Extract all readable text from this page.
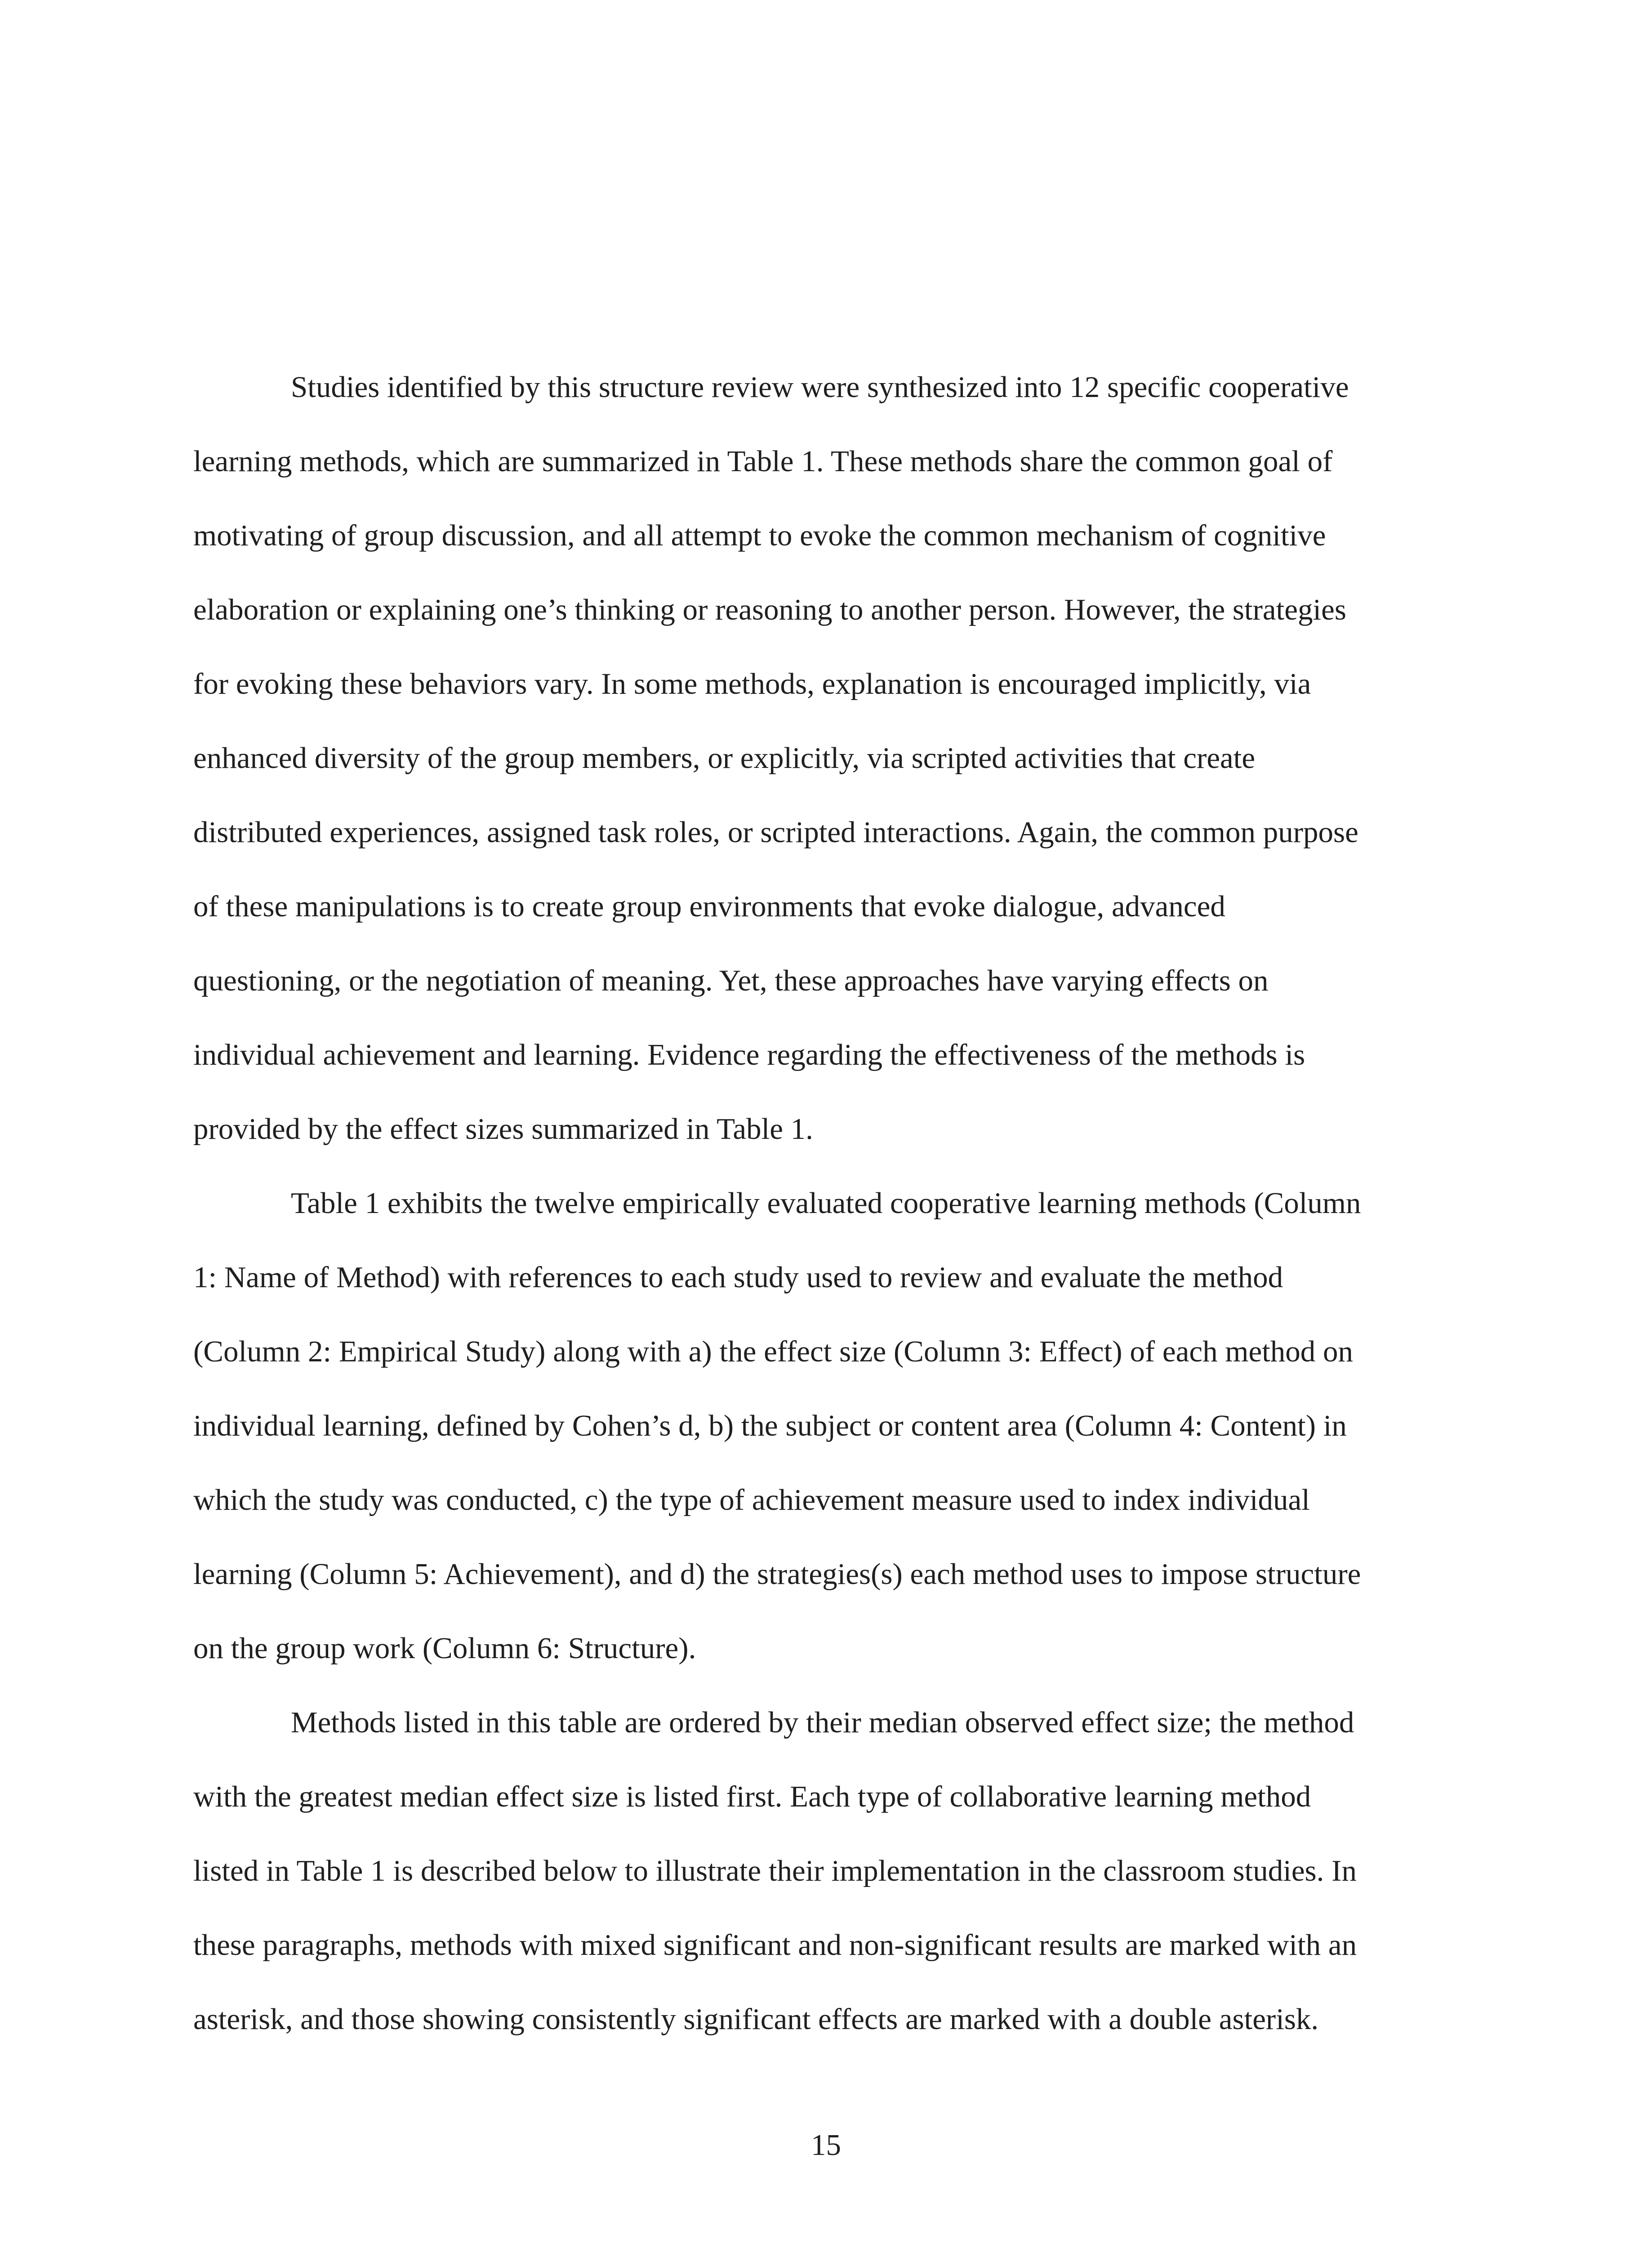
Studies identified by this structure review were synthesized into 12 specific cooperative
learning methods, which are summarized in Table 1. These methods share the common goal of
motivating of group discussion, and all attempt to evoke the common mechanism of cognitive
elaboration or explaining one’s thinking or reasoning to another person. However, the strategies
for evoking these behaviors vary. In some methods, explanation is encouraged implicitly, via
enhanced diversity of the group members, or explicitly, via scripted activities that create
distributed experiences, assigned task roles, or scripted interactions. Again, the common purpose
of these manipulations is to create group environments that evoke dialogue, advanced
questioning, or the negotiation of meaning. Yet, these approaches have varying effects on
individual achievement and learning. Evidence regarding the effectiveness of the methods is
provided by the effect sizes summarized in Table 1.
Table 1 exhibits the twelve empirically evaluated cooperative learning methods (Column
1: Name of Method) with references to each study used to review and evaluate the method
(Column 2: Empirical Study) along with a) the effect size (Column 3: Effect) of each method on
individual learning, defined by Cohen’s d, b) the subject or content area (Column 4: Content) in
which the study was conducted, c) the type of achievement measure used to index individual
learning (Column 5: Achievement), and d) the strategies(s) each method uses to impose structure
on the group work (Column 6: Structure).
Methods listed in this table are ordered by their median observed effect size; the method
with the greatest median effect size is listed first. Each type of collaborative learning method
listed in Table 1 is described below to illustrate their implementation in the classroom studies. In
these paragraphs, methods with mixed significant and non-significant results are marked with an
asterisk, and those showing consistently significant effects are marked with a double asterisk.
15
